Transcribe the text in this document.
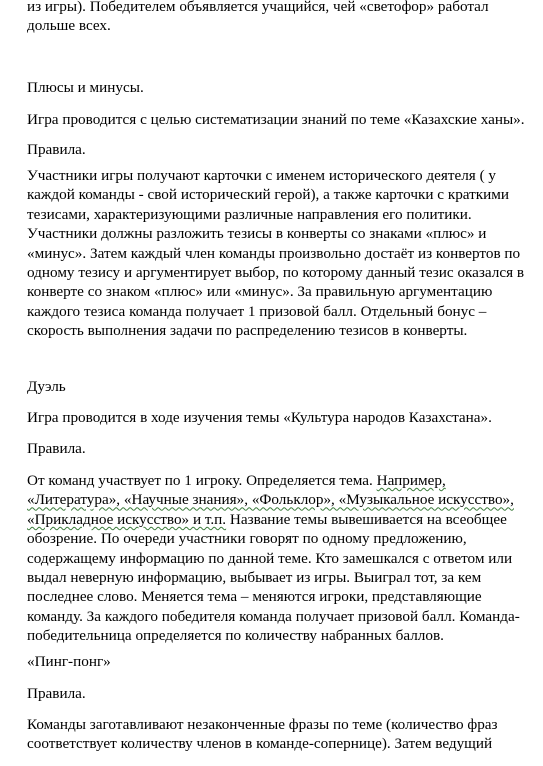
из игры). Победителем объявляется учащийся, чей «светофор» работал
дольше всех.
Плюсы и минусы.
Игра проводится с целью систематизации знаний по теме «Казахские ханы».
Правила.
Участники игры получают карточки с именем исторического деятеля ( у
каждой команды - свой исторический герой), а также карточки с краткими
тезисами, характеризующими различные направления его политики.
Участники должны разложить тезисы в конверты со знаками «плюс» и
«минус». Затем каждый член команды произвольно достаёт из конвертов по
одному тезису и аргументирует выбор, по которому данный тезис оказался в
конверте со знаком «плюс» или «минус». За правильную аргументацию
каждого тезиса команда получает 1 призовой балл. Отдельный бонус –
скорость выполнения задачи по распределению тезисов в конверты.
Дуэль
Игра проводится в ходе изучения темы «Культура народов Казахстана».
Правила.
От команд участвует по 1 игроку. Определяется тема. Например,
«Литература», «Научные знания», «Фольклор», «Музыкальное искусство»,
«Прикладное искусство» и т.п. Название темы вывешивается на всеобщее
обозрение. По очереди участники говорят по одному предложению,
содержащему информацию по данной теме. Кто замешкался с ответом или
выдал неверную информацию, выбывает из игры. Выиграл тот, за кем
последнее слово. Меняется тема – меняются игроки, представляющие
команду. За каждого победителя команда получает призовой балл. Команда-
победительница определяется по количеству набранных баллов.
«Пинг-понг»
Правила.
Команды заготавливают незаконченные фразы по теме (количество фраз
соответствует количеству членов в команде-сопернице). Затем ведущий
